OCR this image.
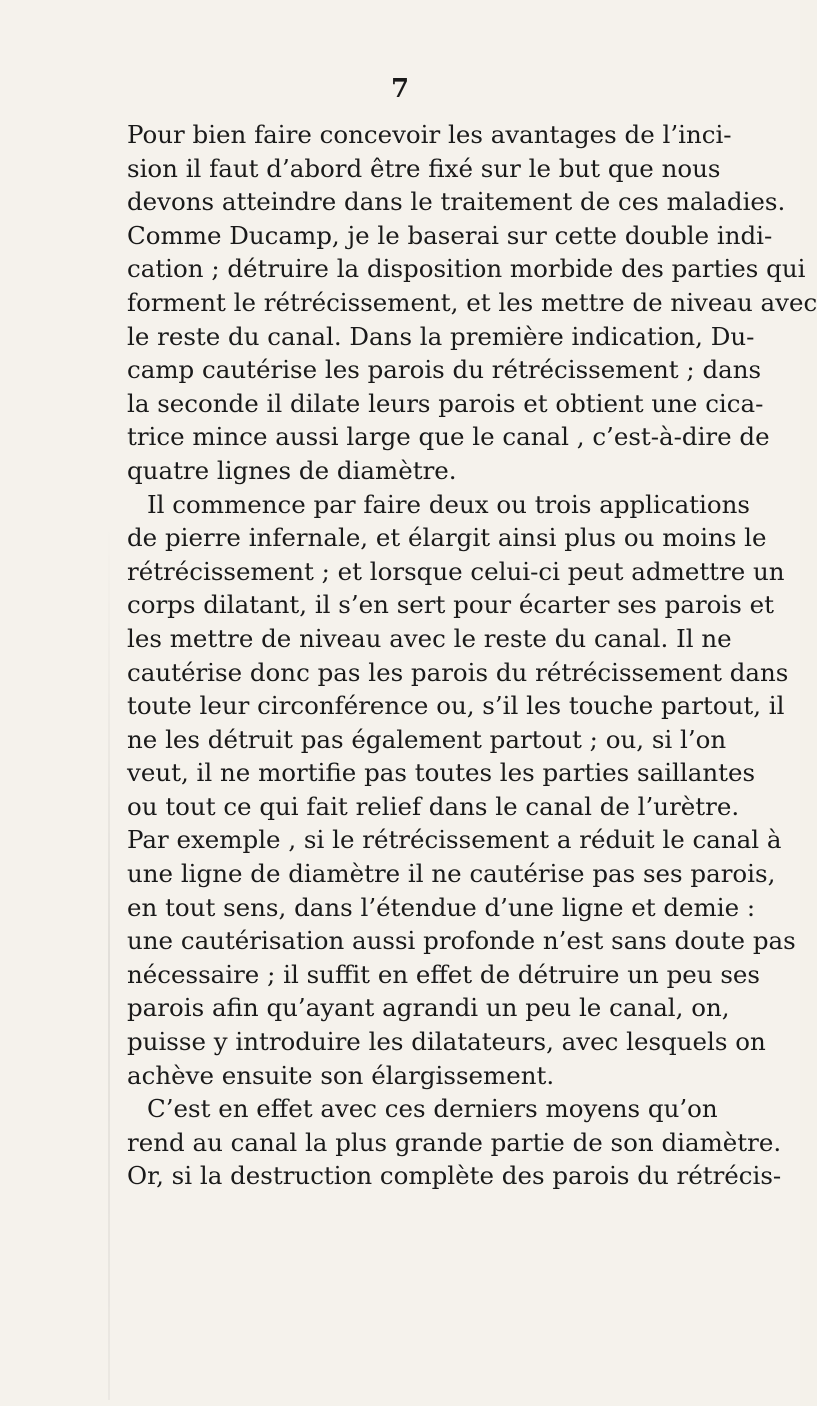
7
Pour bien faire concevoir les avantages de l’inci-
sion il faut d’abord être fixé sur le but que nous
devons atteindre dans le traitement de ces maladies.
Comme Ducamp, je le baserai sur cette double indi-
cation ; détruire la disposition morbide des parties qui
forment le rétrécissement, et les mettre de niveau avec
le reste du canal. Dans la première indication, Du-
camp cautérise les parois du rétrécissement ; dans
la seconde il dilate leurs parois et obtient une cica-
trice mince aussi large que le canal , c’est-à-dire de
quatre lignes de diamètre.
Il commence par faire deux ou trois applications
de pierre infernale, et élargit ainsi plus ou moins le
rétrécissement ; et lorsque celui-ci peut admettre un
corps dilatant, il s’en sert pour écarter ses parois et
les mettre de niveau avec le reste du canal. Il ne
cautérise donc pas les parois du rétrécissement dans
toute leur circonférence ou, s’il les touche partout, il
ne les détruit pas également partout ; ou, si l’on
veut, il ne mortifie pas toutes les parties saillantes
ou tout ce qui fait relief dans le canal de l’urètre.
Par exemple , si le rétrécissement a réduit le canal à
une ligne de diamètre il ne cautérise pas ses parois,
en tout sens, dans l’étendue d’une ligne et demie :
une cautérisation aussi profonde n’est sans doute pas
nécessaire ; il suffit en effet de détruire un peu ses
parois afin qu’ayant agrandi un peu le canal, on,
puisse y introduire les dilatateurs, avec lesquels on
achève ensuite son élargissement.
C’est en effet avec ces derniers moyens qu’on
rend au canal la plus grande partie de son diamètre.
Or, si la destruction complète des parois du rétrécis-
